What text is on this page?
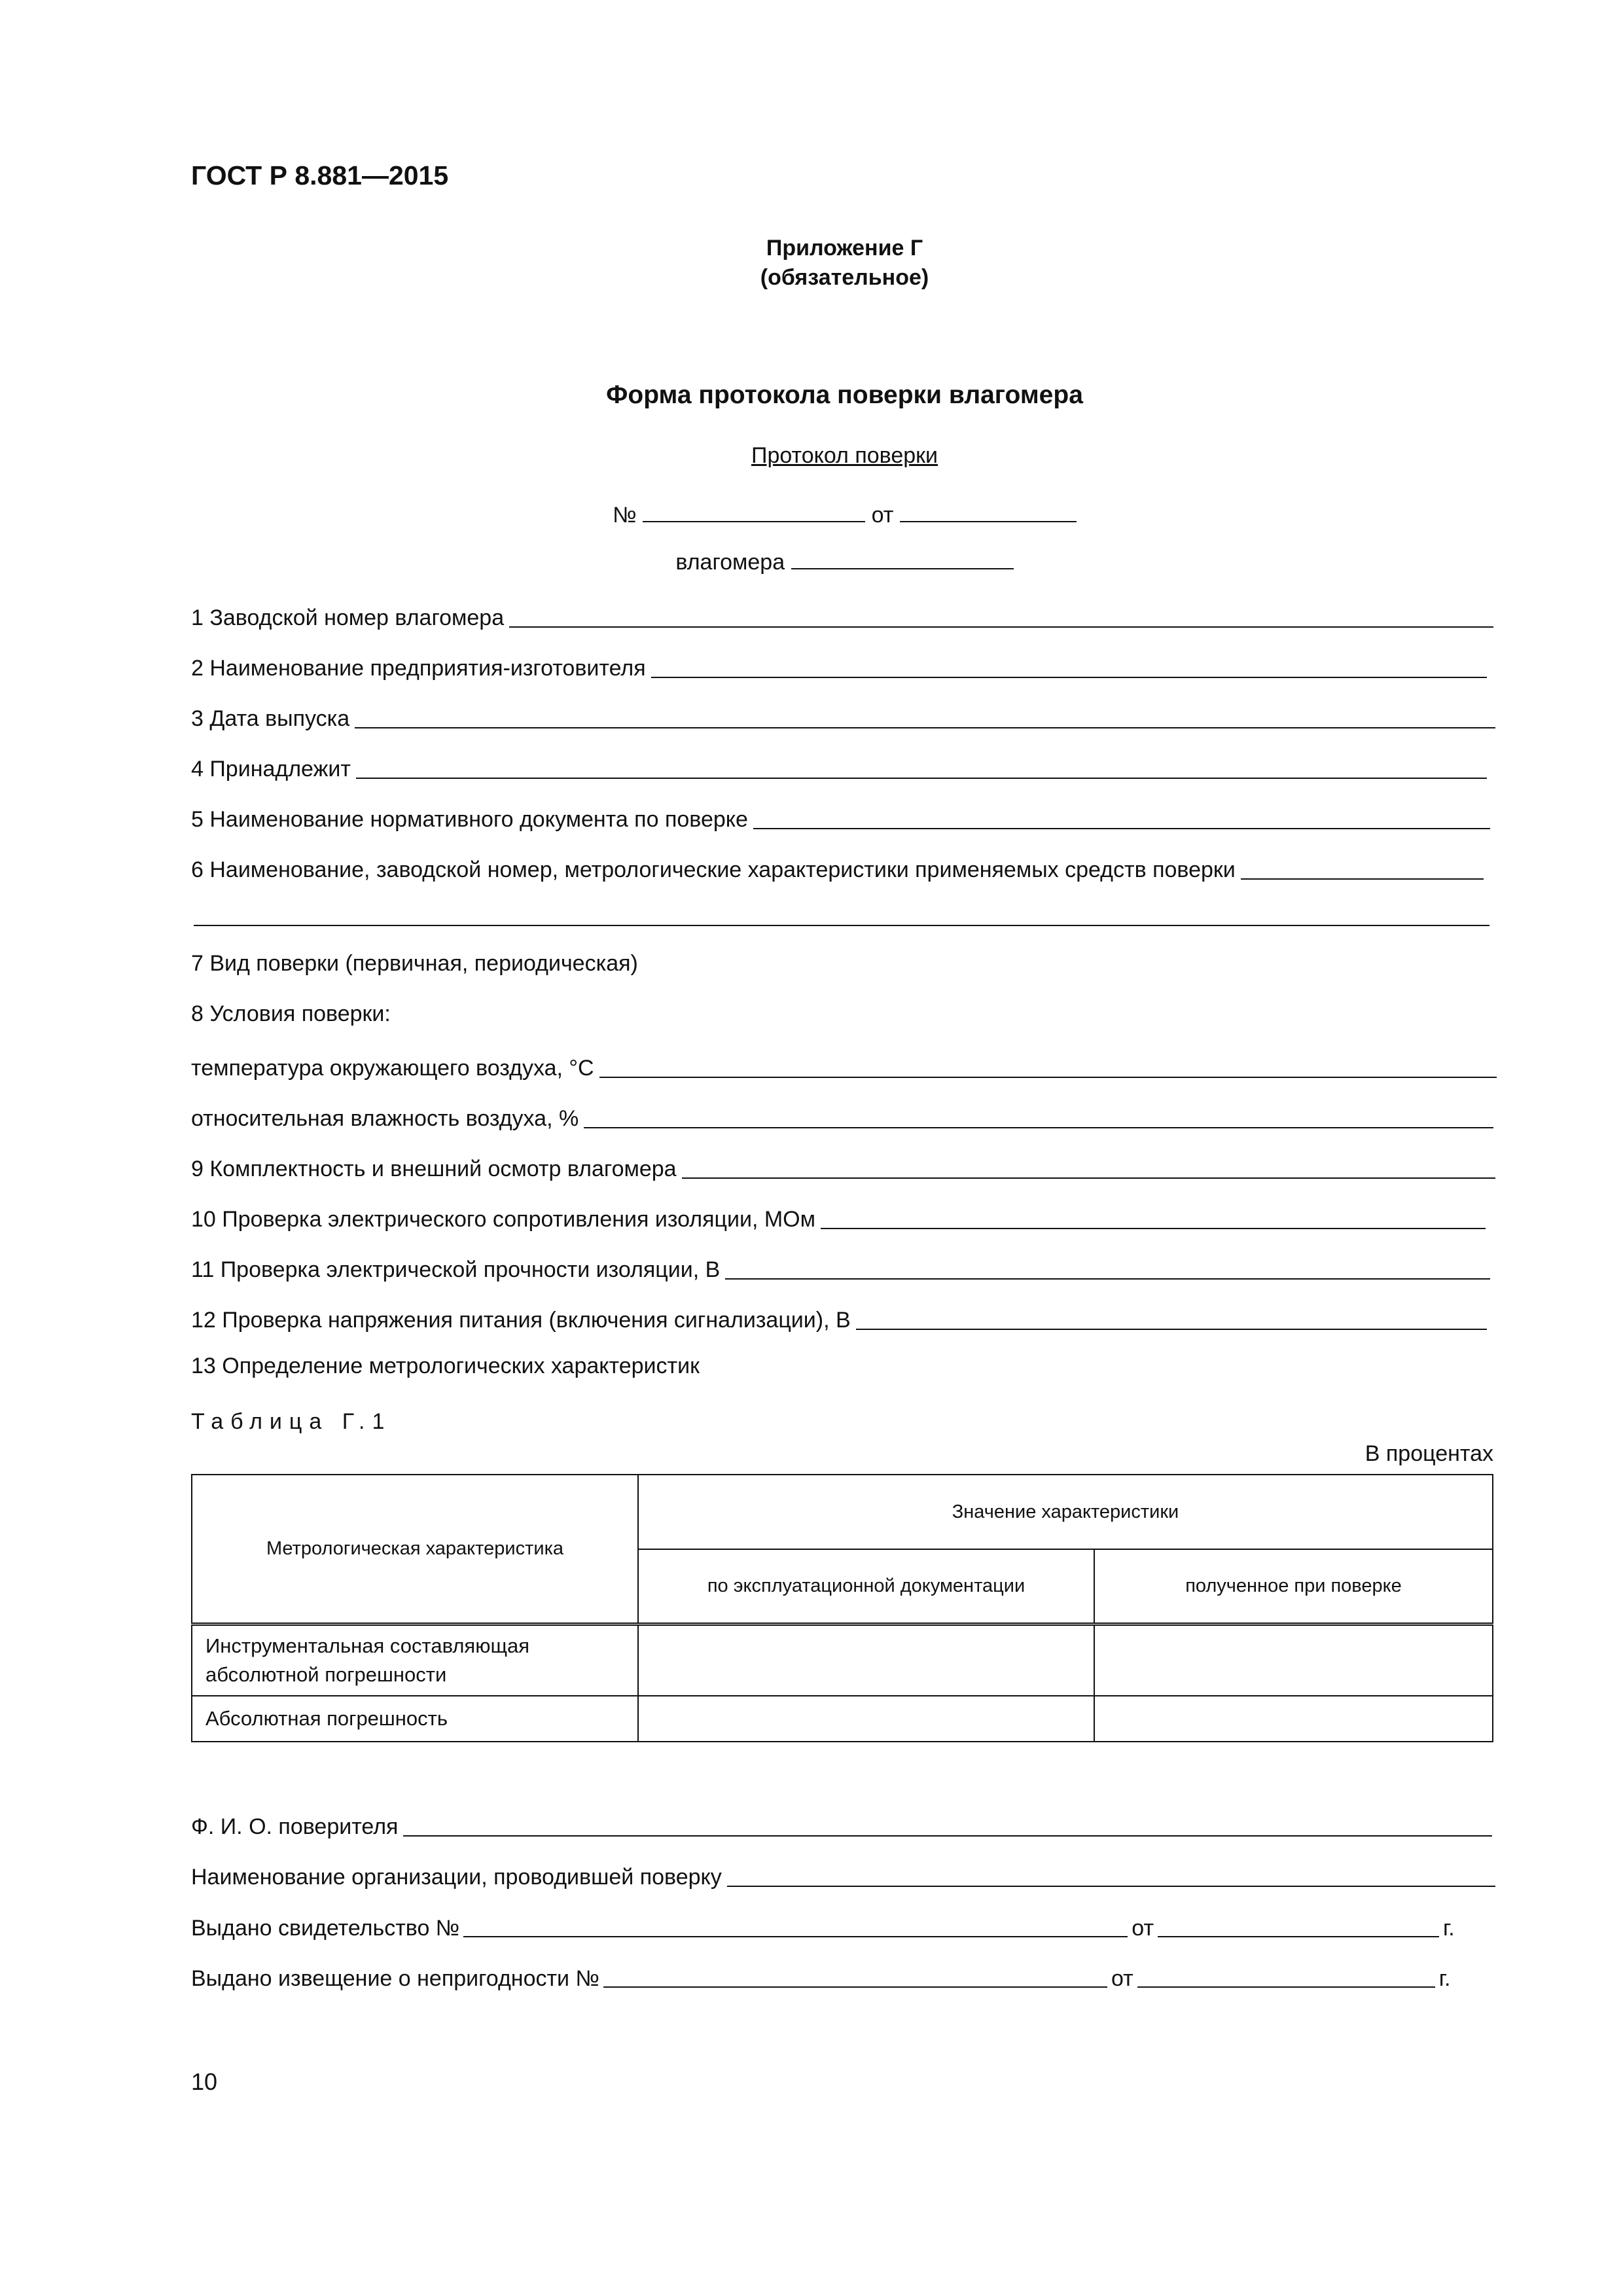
ГОСТ Р 8.881—2015
Приложение Г
(обязательное)
Форма протокола поверки влагомера
Протокол поверки
№	от
влагомера
1 Заводской номер влагомера
2 Наименование предприятия-изготовителя
3 Дата выпуска
4 Принадлежит
5 Наименование нормативного документа по поверке
6 Наименование, заводской номер, метрологические характеристики применяемых средств поверки
7 Вид поверки (первичная, периодическая)
8 Условия поверки:
температура окружающего воздуха, °C
относительная влажность воздуха, %
9 Комплектность и внешний осмотр влагомера
10 Проверка электрического сопротивления изоляции, МОм
11 Проверка электрической прочности изоляции, В
12 Проверка напряжения питания (включения сигнализации), В
13 Определение метрологических характеристик
Таблица Г.1
В процентах
Метрологическая характеристика	Значение характеристики	
	по эксплуатационной документации	полученное при поверке
Инструментальная составляющая абсолютной погрешности		
Абсолютная погрешность		
Ф. И. О. поверителя
Наименование организации, проводившей поверку
Выдано свидетельство №	от	г.
Выдано извещение о непригодности №	от	г.
10
